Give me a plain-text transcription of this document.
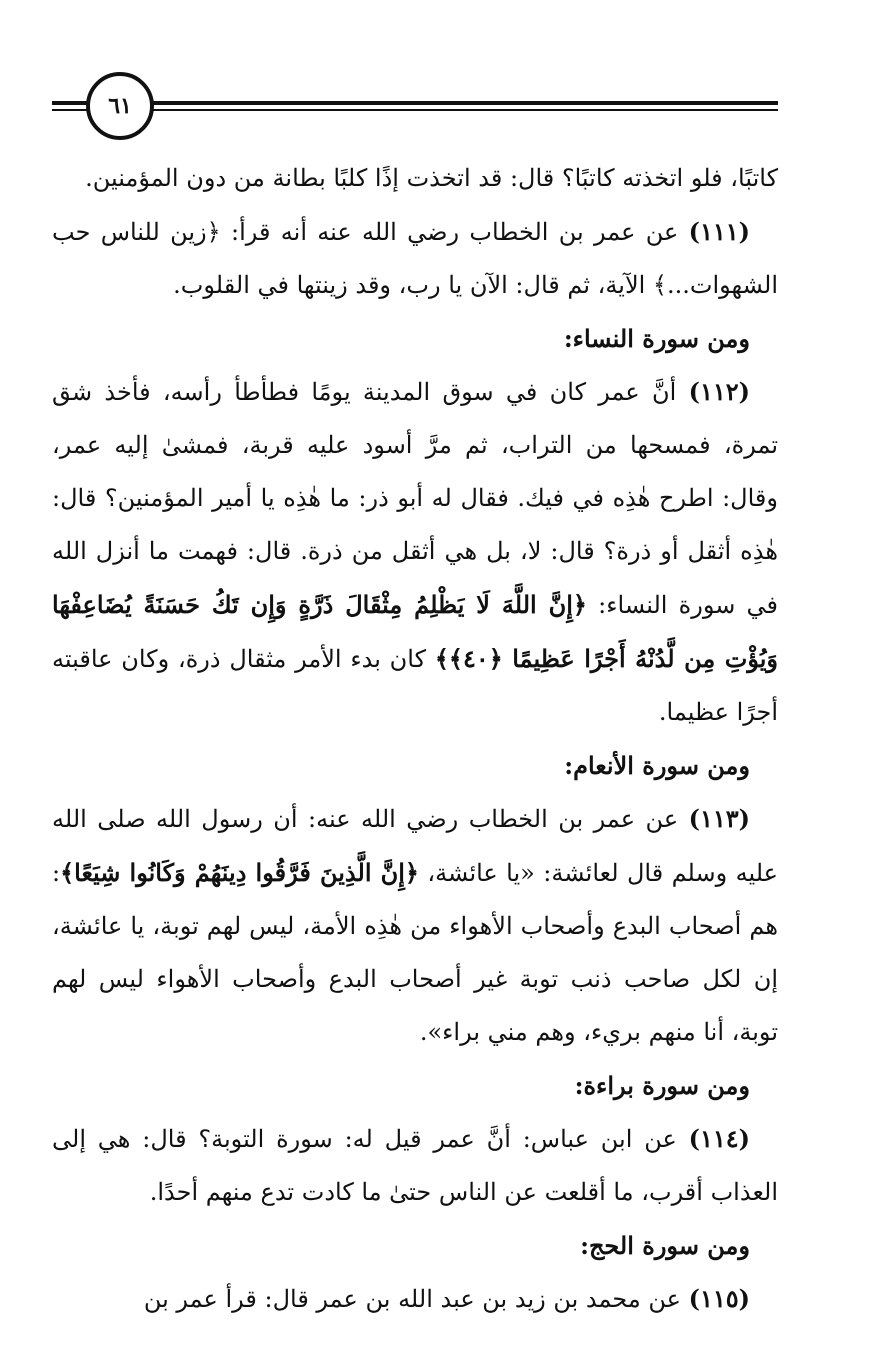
٦١

كاتبًا، فلو اتخذته كاتبًا؟ قال: قد اتخذت إذًا كلبًا بطانة من دون المؤمنين.

(١١١) عن عمر بن الخطاب رضي الله عنه أنه قرأ: ﴿زين للناس حب الشهوات...﴾ الآية، ثم قال: الآن يا رب، وقد زينتها في القلوب.

ومن سورة النساء:

(١١٢) أنَّ عمر كان في سوق المدينة يومًا فطأطأ رأسه، فأخذ شق تمرة، فمسحها من التراب، ثم مرَّ أسود عليه قربة، فمشىٰ إليه عمر، وقال: اطرح هٰذِه في فيك. فقال له أبو ذر: ما هٰذِه يا أمير المؤمنين؟ قال: هٰذِه أثقل أو ذرة؟ قال: لا، بل هي أثقل من ذرة. قال: فهمت ما أنزل الله في سورة النساء: ﴿إِنَّ اللَّهَ لَا يَظْلِمُ مِثْقَالَ ذَرَّةٍ وَإِن تَكُ حَسَنَةً يُضَاعِفْهَا وَيُؤْتِ مِن لَّدُنْهُ أَجْرًا عَظِيمًا ﴿٤٠﴾﴾ كان بدء الأمر مثقال ذرة، وكان عاقبته أجرًا عظيما.

ومن سورة الأنعام:

(١١٣) عن عمر بن الخطاب رضي الله عنه: أن رسول الله صلى الله عليه وسلم قال لعائشة: «يا عائشة، ﴿إِنَّ الَّذِينَ فَرَّقُوا دِينَهُمْ وَكَانُوا شِيَعًا﴾: هم أصحاب البدع وأصحاب الأهواء من هٰذِه الأمة، ليس لهم توبة، يا عائشة، إن لكل صاحب ذنب توبة غير أصحاب البدع وأصحاب الأهواء ليس لهم توبة، أنا منهم بريء، وهم مني براء».

ومن سورة براءة:

(١١٤) عن ابن عباس: أنَّ عمر قيل له: سورة التوبة؟ قال: هي إلى العذاب أقرب، ما أقلعت عن الناس حتىٰ ما كادت تدع منهم أحدًا.

ومن سورة الحج:

(١١٥) عن محمد بن زيد بن عبد الله بن عمر قال: قرأ عمر بن
